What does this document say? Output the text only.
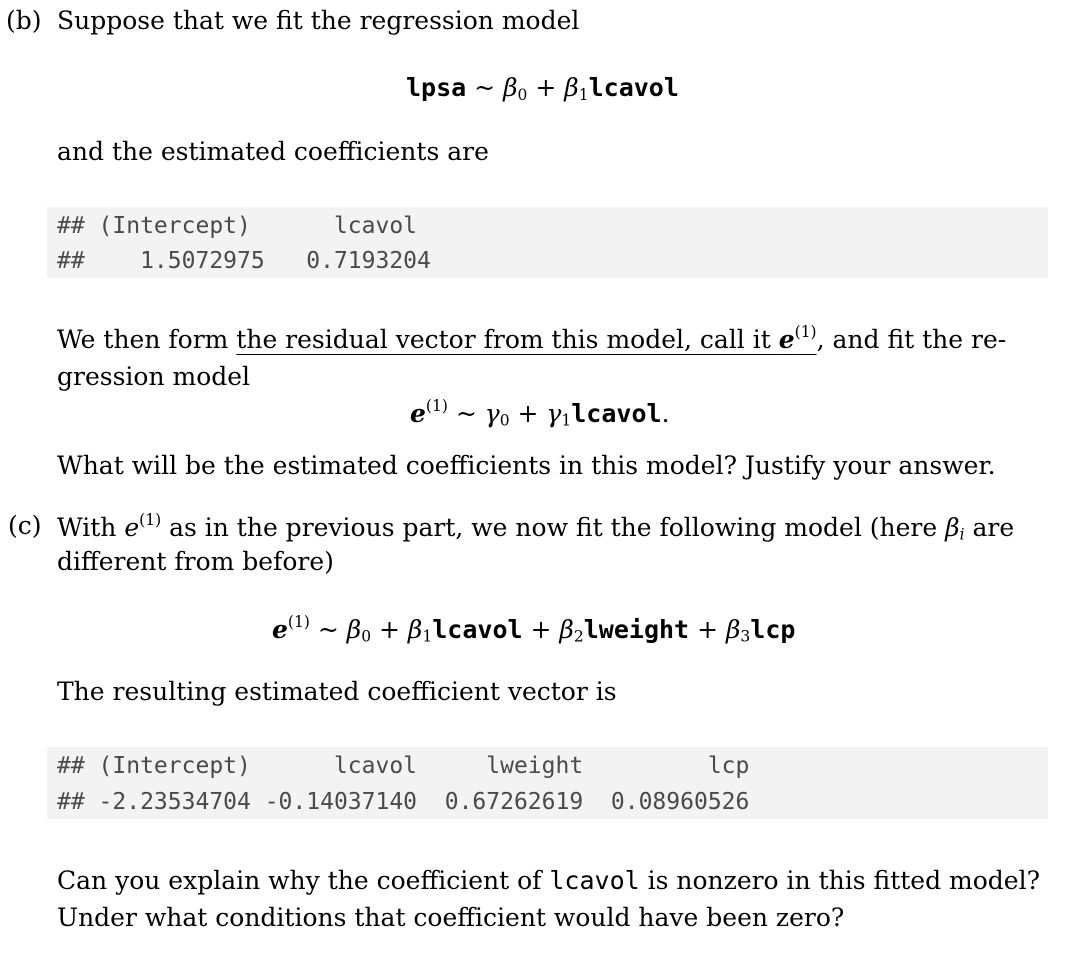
(b) Suppose that we fit the regression model
lpsa ~ $\beta_0$ + $\beta_1lcavol$
and the estimated coefficients are
## (Intercept)      lcavol
##    1.5072975   0.7193204
We then form the residual vector from this model, call it $e^{(1)}$, and fit the re-
gression model
$e^{(1)}$ ~ $\gamma_0$ + $\gamma_1lcavol$.
What will be the estimated coefficients in this model? Justify your answer.
(c) With $e^{(1)}$ as in the previous part, we now fit the following model (here $\beta_i$ are
different from before)
$e^{(1)}$ ~ $\beta_0$ + $\beta_1lcavol$ + $\beta_2lweight + \beta_3lcp$
The resulting estimated coefficient vector is
## (Intercept)      lcavol     lweight         lcp
## -2.23534704 -0.14037140  0.67262619  0.08960526
Can you explain why the coefficient of lcavol is nonzero in this fitted model?
Under what conditions that coefficient would have been zero?
